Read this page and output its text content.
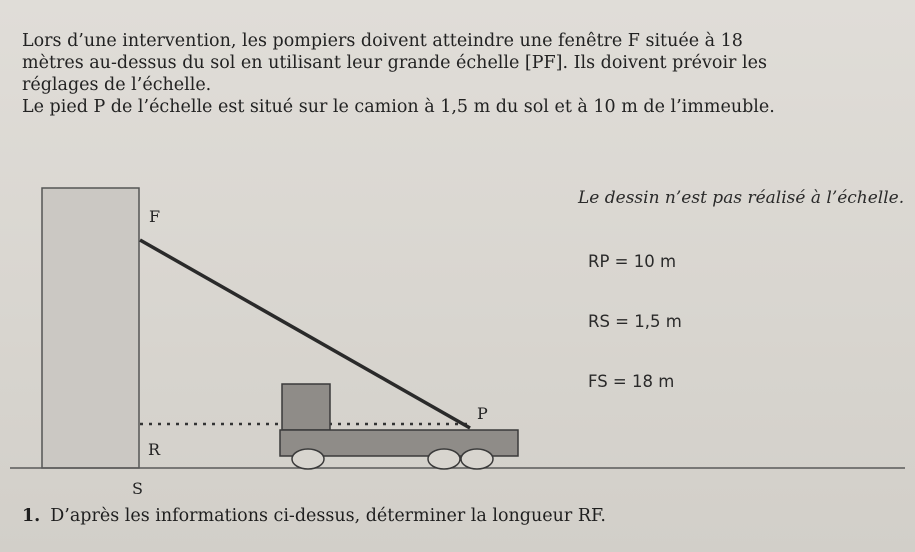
Lors d’une intervention, les pompiers doivent atteindre une fenêtre F située à 18

mètres au-dessus du sol en utilisant leur grande échelle [PF]. Ils doivent prévoir les

réglages de l’échelle.

Le pied P de l’échelle est situé sur le camion à 1,5 m du sol et à 10 m de l’immeuble.

F
P
R
S
Le dessin n’est pas réalisé à l’échelle.
RP = 10 m
RS = 1,5 m
FS = 18 m
1. D’après les informations ci-dessus, déterminer la longueur RF.
